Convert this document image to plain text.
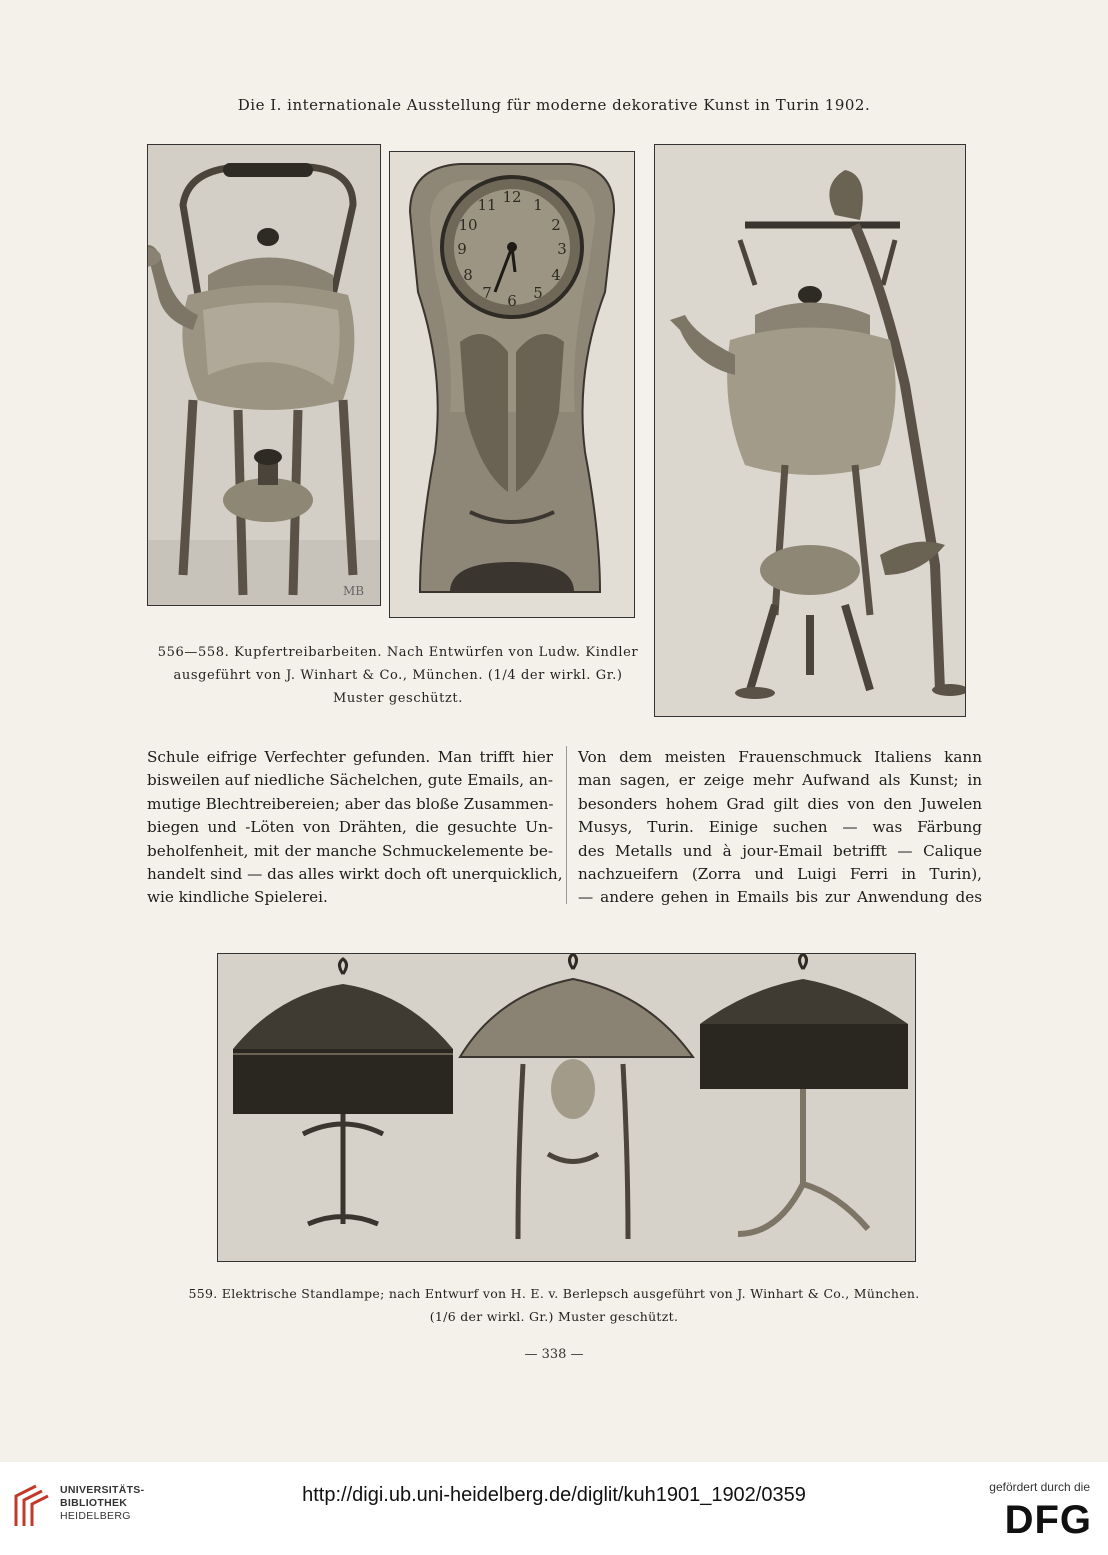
Die I. internationale Ausstellung für moderne dekorative Kunst in Turin 1902.
MB
12 1
2
3
4
5
6
7
8
9
10
11
556—558. Kupfertreibarbeiten. Nach Entwürfen von Ludw. Kindler
ausgeführt von J. Winhart & Co., München. (1/4 der wirkl. Gr.)
Muster geschützt.
Schule eifrige Verfechter gefunden. Man trifft hier
bisweilen auf niedliche Sächelchen, gute Emails, an-
mutige Blechtreibereien; aber das bloße Zusammen-
biegen und -Löten von Drähten, die gesuchte Un-
beholfenheit, mit der manche Schmuckelemente be-
handelt sind — das alles wirkt doch oft unerquicklich,
wie kindliche Spielerei.
Von dem meisten Frauenschmuck Italiens kann
man sagen, er zeige mehr Aufwand als Kunst; in
besonders hohem Grad gilt dies von den Juwelen
Musys, Turin. Einige suchen — was Färbung
des Metalls und à jour-Email betrifft — Calique
nachzueifern (Zorra und Luigi Ferri in Turin),
— andere gehen in Emails bis zur Anwendung des
559. Elektrische Standlampe; nach Entwurf von H. E. v. Berlepsch ausgeführt von J. Winhart & Co., München.
(1/6 der wirkl. Gr.) Muster geschützt.
— 338 —
UNIVERSITÄTS-
BIBLIOTHEK
HEIDELBERG
http://digi.ub.uni-heidelberg.de/diglit/kuh1901_1902/0359	gefördert durch die
DFG
